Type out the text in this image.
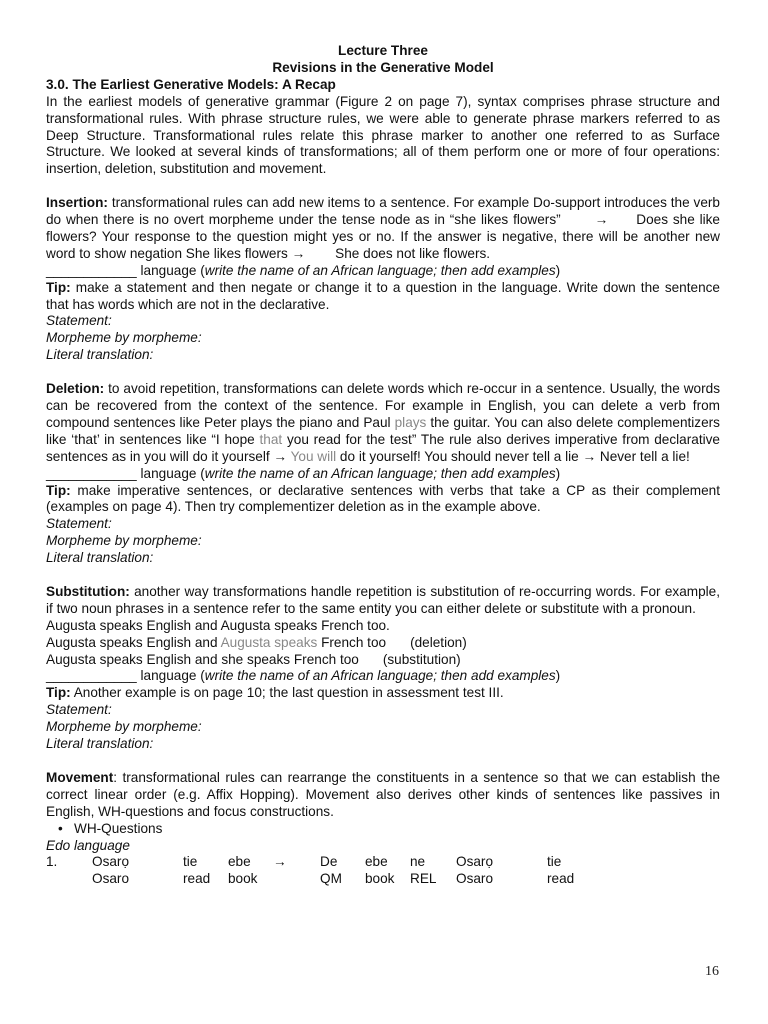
Lecture Three
Revisions in the Generative Model
3.0. The Earliest Generative Models: A Recap
In the earliest models of generative grammar (Figure 2 on page 7), syntax comprises phrase structure and transformational rules. With phrase structure rules, we were able to generate phrase markers referred to as Deep Structure. Transformational rules relate this phrase marker to another one referred to as Surface Structure. We looked at several kinds of transformations; all of them perform one or more of four operations: insertion, deletion, substitution and movement.
Insertion: transformational rules can add new items to a sentence. For example Do-support introduces the verb do when there is no overt morpheme under the tense node as in “she likes flowers”	→ Does she like flowers? Your response to the question might yes or no. If the answer is negative, there will be another new word to show negation She likes flowers → She does not like flowers.
____________ language (write the name of an African language; then add examples)
Tip: make a statement and then negate or change it to a question in the language. Write down the sentence that has words which are not in the declarative.
Statement:
Morpheme by morpheme:
Literal translation:
Deletion: to avoid repetition, transformations can delete words which re-occur in a sentence. Usually, the words can be recovered from the context of the sentence. For example in English, you can delete a verb from compound sentences like Peter plays the piano and Paul plays the guitar. You can also delete complementizers like ‘that’ in sentences like “I hope that you read for the test” The rule also derives imperative from declarative sentences as in you will do it yourself → You will do it yourself! You should never tell a lie → Never tell a lie!
____________ language (write the name of an African language; then add examples)
Tip: make imperative sentences, or declarative sentences with verbs that take a CP as their complement (examples on page 4). Then try complementizer deletion as in the example above.
Statement:
Morpheme by morpheme:
Literal translation:
Substitution: another way transformations handle repetition is substitution of re-occurring words. For example, if two noun phrases in a sentence refer to the same entity you can either delete or substitute with a pronoun.
Augusta speaks English and Augusta speaks French too.
Augusta speaks English and Augusta speaks French too (deletion)
Augusta speaks English and she speaks French too (substitution)
____________ language (write the name of an African language; then add examples)
Tip: Another example is on page 10; the last question in assessment test III.
Statement:
Morpheme by morpheme:
Literal translation:
Movement: transformational rules can rearrange the constituents in a sentence so that we can establish the correct linear order (e.g. Affix Hopping). Movement also derives other kinds of sentences like passives in English, WH-questions and focus constructions.
• WH-Questions
Edo language
1.	Osarọ	tie	ebe	→	De	ebe	ne	Osarọ	tie
	Osaro	read	book		QM	book	REL	Osaro	read
16
